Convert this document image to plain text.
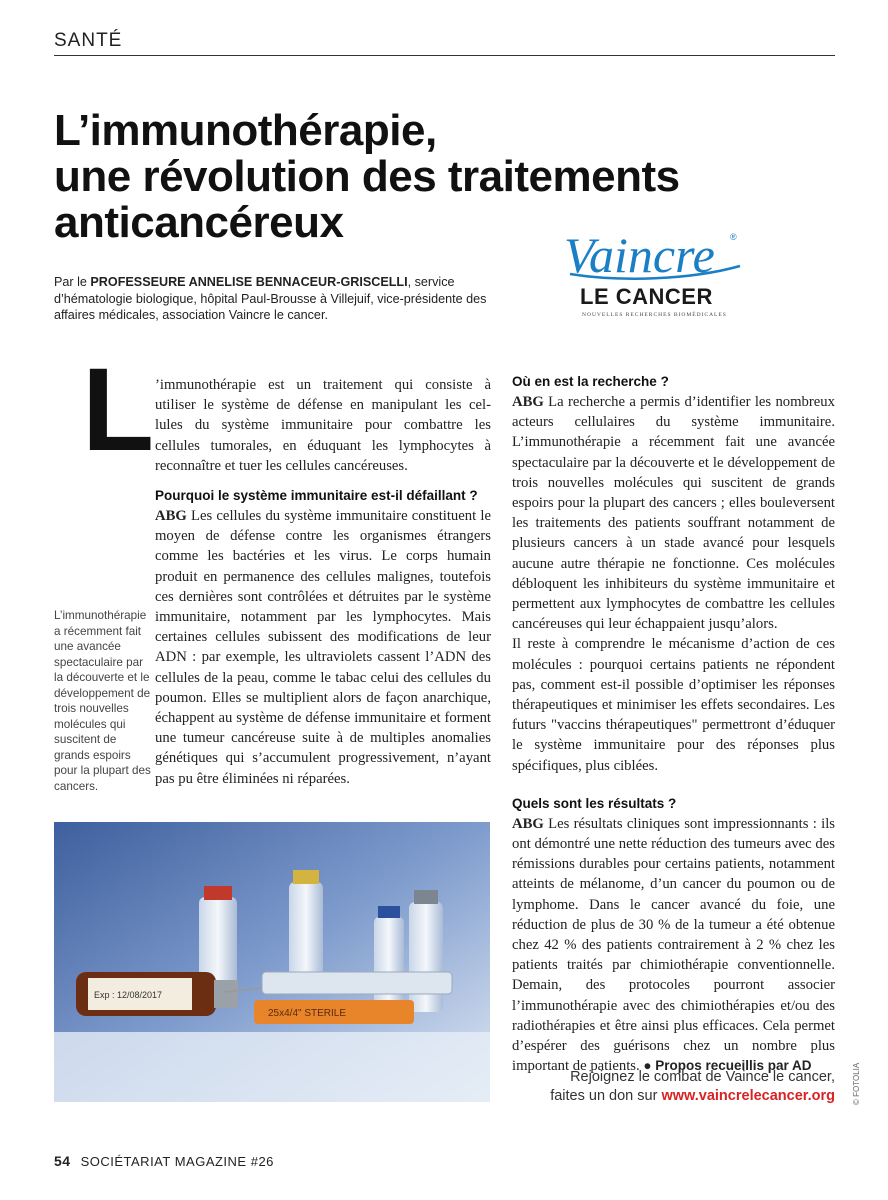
SANTÉ
L’immunothérapie,
une révolution des traitements
anticancéreux

Par le PROFESSEURE ANNELISE BENNACEUR-GRISCELLI, service d’hématologie biologique, hôpital Paul-Brousse à Villejuif, vice-présidente des affaires médicales, association Vaincre le cancer.

Vaincre ®
LE CANCER
NOUVELLES RECHERCHES BIOMÉDICALES
L ’immunothérapie est un traitement qui consiste à
utiliser le système de défense en manipulant les cel-
lules du système immunitaire pour combattre les
cellules tumorales, en éduquant les lymphocytes à
reconnaître et tuer les cellules cancéreuses.
Pourquoi le système immunitaire est-il défaillant ?

ABG Les cellules du système immunitaire constituent le moyen de défense contre les organismes étrangers comme les bactéries et les virus. Le corps humain produit en permanence des cellules malignes, toutefois ces dernières sont contrôlées et détruites par le système immunitaire, notamment par les lymphocytes. Mais certaines cellules subissent des modifications de leur ADN : par exemple, les ultraviolets cassent l’ADN des cellules de la peau, comme le tabac celui des cellules du poumon. Elles se multiplient alors de façon anarchique, échappent au système de défense immunitaire et forment une tumeur cancéreuse suite à de multiples anomalies génétiques qui s’accumulent progressivement, n’ayant pas pu être éliminées ni réparées.

L’immunothérapie a récemment fait une avancée spectaculaire par la découverte et le développement de trois nouvelles molécules qui suscitent de grands espoirs pour la plupart des cancers.
Où en est la recherche ?

ABG La recherche a permis d’identifier les nombreux acteurs cellulaires du système immunitaire. L’immunothérapie a récemment fait une avancée spectaculaire par la découverte et le développement de trois nouvelles molécules qui suscitent de grands espoirs pour la plupart des cancers ; elles bouleversent les traitements des patients souffrant notamment de plusieurs cancers à un stade avancé pour lesquels aucune autre thérapie ne fonctionne. Ces molécules débloquent les inhibiteurs du système immunitaire et permettent aux lymphocytes de combattre les cellules cancéreuses qui leur échappaient jusqu’alors.

Il reste à comprendre le mécanisme d’action de ces molécules : pourquoi certains patients ne répondent pas, comment est-il possible d’optimiser les réponses thérapeutiques et minimiser les effets secondaires. Les futurs "vaccins thérapeutiques" permettront d’éduquer le système immunitaire pour des réponses plus spécifiques, plus ciblées.

Quels sont les résultats ?

ABG Les résultats cliniques sont impressionnants : ils ont démontré une nette réduction des tumeurs avec des rémissions durables pour certains patients, notamment atteints de mélanome, d’un cancer du poumon ou de lymphome. Dans le cancer avancé du foie, une réduction de plus de 30 % de la tumeur a été obtenue chez 42 % des patients contrairement à 2 % chez les patients traités par chimiothérapie conventionnelle. Demain, des protocoles pourront associer l’immunothérapie avec des chimiothérapies et/ou des radiothérapies et être ainsi plus efficaces. Cela permet d’espérer des guérisons chez un nombre plus important de patients. ● Propos recueillis par AD

Exp : 12/08/2017
25x4/4" STERILE
Rejoignez le combat de Vaince le cancer,
faites un don sur www.vaincrelecancer.org © FOTOLIA
54 SOCIÉTARIAT MAGAZINE #26
